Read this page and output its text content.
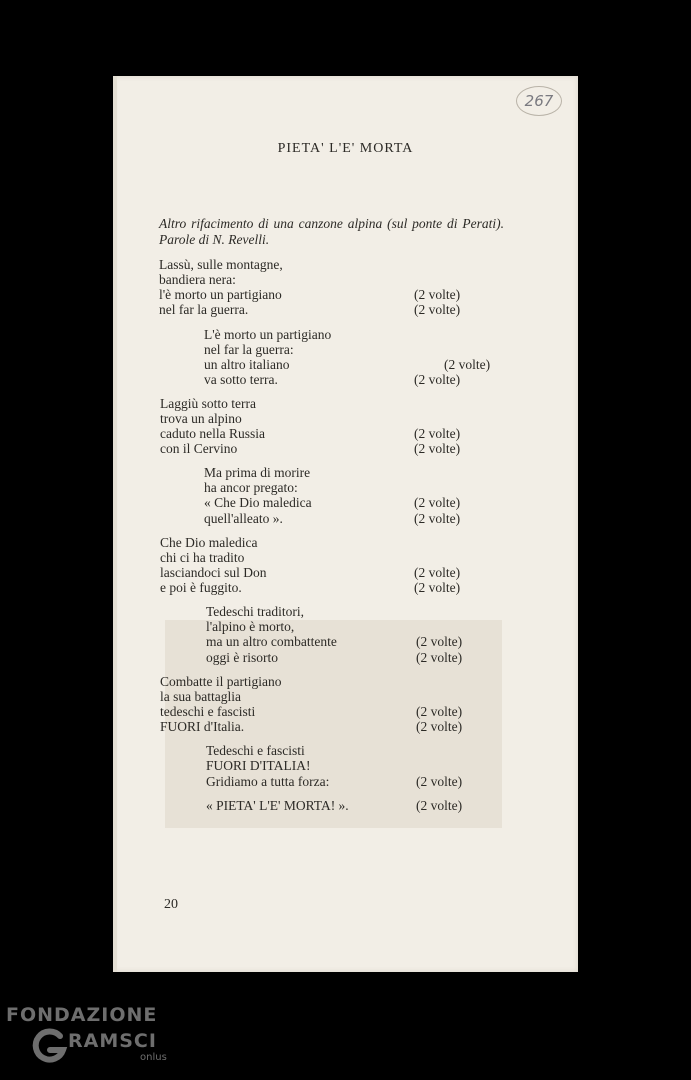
267
PIETA' L'E' MORTA
Altro rifacimento di una canzone alpina (sul ponte di Perati). Parole di N. Revelli.
Lassù, sulle montagne,
bandiera nera:
l'è morto un partigiano
nel far la guerra.
(2 volte)
(2 volte)
L'è morto un partigiano
nel far la guerra:
un altro italiano
va sotto terra.
(2 volte)
(2 volte)
Laggiù sotto terra
trova un alpino
caduto nella Russia
con il Cervino
(2 volte)
(2 volte)
Ma prima di morire
ha ancor pregato:
« Che Dio maledica
quell'alleato ».
(2 volte)
(2 volte)
Che Dio maledica
chi ci ha tradito
lasciandoci sul Don
e poi è fuggito.
(2 volte)
(2 volte)
Tedeschi traditori,
l'alpino è morto,
ma un altro combattente
oggi è risorto
(2 volte)
(2 volte)
Combatte il partigiano
la sua battaglia
tedeschi e fascisti
FUORI d'Italia.
(2 volte)
(2 volte)
Tedeschi e fascisti
FUORI D'ITALIA!
Gridiamo a tutta forza:
« PIETA' L'E' MORTA! ».
(2 volte)
(2 volte)
20
FONDAZIONE
RAMSCI
onlus
